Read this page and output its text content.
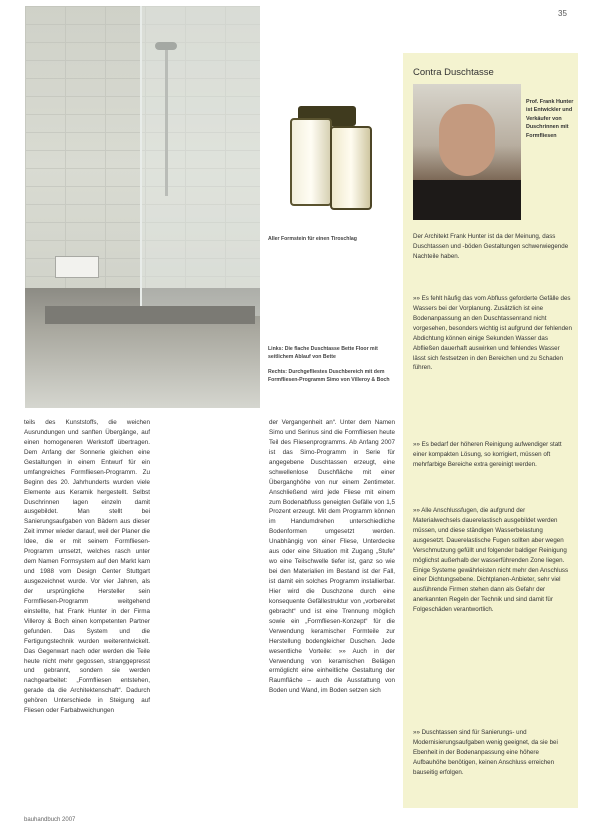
35
Aller Formstein für einen Tiroschlag

Links: Die flache Duschtasse Bette Floor mit seitlichem Ablauf von Bette

Rechts: Durchgefliestes Duschbereich mit dem Formfliesen-Programm Simo von Villeroy & Boch

Contra Duschtasse
Prof. Frank Hunter ist Entwickler und Verkäufer von Duschrinnen mit Formfliesen
Der Architekt Frank Hunter ist da der Meinung, dass Duschtassen und -böden Gestaltungen schwerwiegende Nachteile haben.
»» Es fehlt häufig das vom Abfluss geforderte Gefälle des Wassers bei der Vorplanung. Zusätzlich ist eine Bodenanpassung an den Duschtassenrand nicht vorgesehen, besonders wichtig ist aufgrund der fehlenden Abdichtung können einige Sekunden Wasser das Abfließen dauerhaft auswirken und fehlendes Wasser lässt sich festsetzen in den Bereichen und zu Schaden führen.
»» Es bedarf der höheren Reinigung aufwendiger statt einer kompakten Lösung, so korrigiert, müssen oft mehrfarbige Bereiche extra gereinigt werden.
»» Alle Anschlussfugen, die aufgrund der Materialwechsels dauerelastisch ausgebildet werden müssen, und diese ständigen Wasserbelastung ausgesetzt. Dauerelastische Fugen sollten aber wegen Verschmutzung gefüllt und folgender baldiger Reinigung möglichst außerhalb der wasserführenden Zone liegen. Einige Systeme gewährleisten nicht mehr den Anschluss einer Dichtungsebene. Dichtplanen-Anbieter, sehr viel ausführende Firmen stehen dann als Gefahr der anerkannten Regeln der Technik und sind damit für Folgeschäden verantwortlich.
»» Duschtassen sind für Sanierungs- und Modernisierungsaufgaben wenig geeignet, da sie bei Ebenheit in der Bodenanpassung eine höhere Aufbauhöhe benötigen, keinen Anschluss erreichen bauseitig erfolgen.

teils des Kunststoffs, die weichen Ausrundungen und sanften Übergänge, auf einen homogeneren Werkstoff übertragen. Dem Anfang der Sonnerie gleichen eine Gestaltungen in einem Entwurf für ein umfangreiches Formfliesen-Programm. Zu Beginn des 20. Jahrhunderts wurden viele Elemente aus Keramik hergestellt. Selbst Duschrinnen lagen einzeln damit ausgebildet. Man stellt bei Sanierungsaufgaben von Bädern aus dieser Zeit immer wieder darauf, weil der Planer die Idee, die er mit seinem Formfliesen-Programm umsetzt, welches rasch unter dem Namen Formsystem auf den Markt kam und 1988 vom Design Center Stuttgart ausgezeichnet wurde. Vor vier Jahren, als der ursprüngliche Hersteller sein Formfliesen-Programm weitgehend einstellte, hat Frank Hunter in der Firma Villeroy & Boch einen kompetenten Partner gefunden. Das System und die Fertigungstechnik wurden weiterentwickelt. Das Gegenwart nach oder werden die Teile heute nicht mehr gegossen, stranggepresst und gebrannt, sondern sie werden nachgearbeitet: „Formfliesen entstehen, gerade da die Architektenschaft“. Dadurch gehören Unterschiede in Steigung auf Fliesen oder Farbabweichungen

der Vergangenheit an“. Unter dem Namen Simo und Serinus sind die Formfliesen heute Teil des Fliesenprogramms. Ab Anfang 2007 ist das Simo-Programm in Serie für angegebene Duschtassen erzeugt, eine schwellenlose Duschfläche mit einer Überganghöhe von nur einem Zentimeter. Anschließend wird jede Fliese mit einem zum Bodenabfluss geneigten Gefälle von 1,5 Prozent erzeugt. Mit dem Programm können im Handumdrehen unterschiedliche Bodenformen umgesetzt werden. Unabhängig von einer Fliese, Unterdecke aus oder eine Situation mit Zugang „Stufe“ wo eine Teilschwelle tiefer ist, ganz so wie bei den Materialien im Bestand ist der Fall, ist damit ein solches Programm installierbar. Hier wird die Duschzone durch eine konsequente Gefällestruktur von „vorbereitet gebracht“ und ist eine Trennung möglich sowie ein „Formfliesen-Konzept“ für die Verwendung keramischer Formteile zur Herstellung bodengleicher Duschen. Jede wesentliche Vorteile: »» Auch in der Verwendung von keramischen Belägen ermöglicht eine einheitliche Gestaltung der Raumfläche – auch die Ausstattung von Boden und Wand, im Boden setzen sich

bauhandbuch 2007
